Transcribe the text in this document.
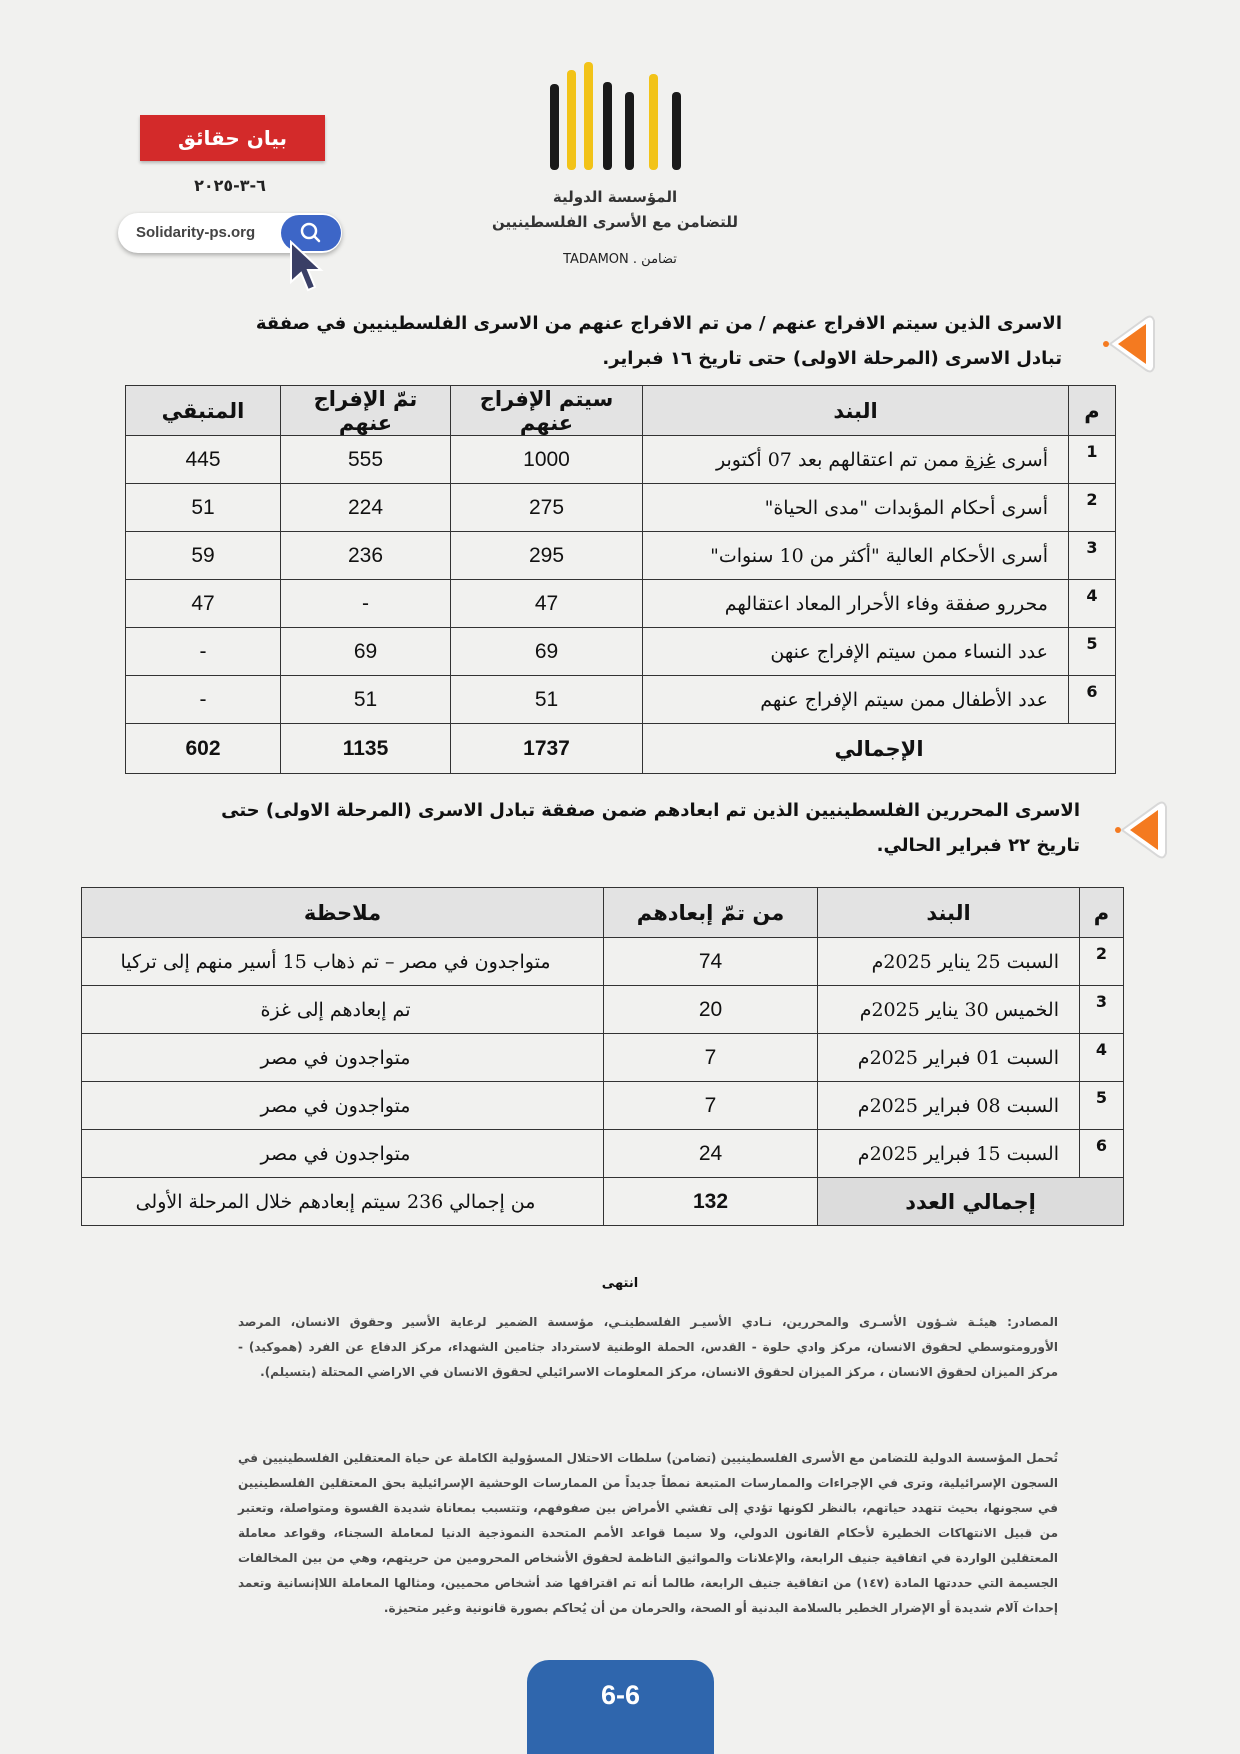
المؤسسة الدولية
للتضامن مع الأسرى الفلسطينيين
تضامن . TADAMON
بيان حقائق
٦-٣-٢٠٢٥
Solidarity-ps.org
الاسرى الذين سيتم الافراج عنهم / من تم الافراج عنهم من الاسرى الفلسطينيين في صفقة
تبادل الاسرى (المرحلة الاولى) حتى تاريخ ١٦ فبراير.
م	البند	سيتم الإفراج عنهم	تمّ الإفراج عنهم	المتبقي
1	أسرى غزة ممن تم اعتقالهم بعد 07 أكتوبر	1000	555	445
2	أسرى أحكام المؤبدات "مدى الحياة"	275	224	51
3	أسرى الأحكام العالية "أكثر من 10 سنوات"	295	236	59
4	محررو صفقة وفاء الأحرار المعاد اعتقالهم	47	-	47
5	عدد النساء ممن سيتم الإفراج عنهن	69	69	-
6	عدد الأطفال ممن سيتم الإفراج عنهم	51	51	-
الإجمالي		1737	1135	602
الاسرى المحررين الفلسطينيين الذين تم ابعادهم ضمن صفقة تبادل الاسرى (المرحلة الاولى) حتى
تاريخ ٢٢ فبراير الحالي.
م	البند	من تمّ إبعادهم	ملاحظة
2	السبت 25 يناير 2025م	74	متواجدون في مصر – تم ذهاب 15 أسير منهم إلى تركيا
3	الخميس 30 يناير 2025م	20	تم إبعادهم إلى غزة
4	السبت 01 فبراير 2025م	7	متواجدون في مصر
5	السبت 08 فبراير 2025م	7	متواجدون في مصر
6	السبت 15 فبراير 2025م	24	متواجدون في مصر
إجمالي العدد		132	من إجمالي 236 سيتم إبعادهم خلال المرحلة الأولى
انتهى
المصادر: هيئـة شـؤون الأسـرى والمحررين، نـادي الأسيـر الفلسطينـي، مؤسسة الضمير لرعاية الأسير وحقوق الانسان، المرصد الأورومتوسطي لحقوق الانسان، مركز وادي حلوة - القدس، الحملة الوطنية لاسترداد جثامين الشهداء، مركز الدفاع عن الفرد (هموكيد) - مركز الميزان لحقوق الانسان ، مركز الميزان لحقوق الانسان، مركز المعلومات الاسرائيلي لحقوق الانسان في الاراضي المحتلة (بتسيلم).
تُحمل المؤسسة الدولية للتضامن مع الأسرى الفلسطينيين (تضامن) سلطات الاحتلال المسؤولية الكاملة عن حياة المعتقلين الفلسطينيين في السجون الإسرائيلية، وترى في الإجراءات والممارسات المتبعة نمطاً جديداً من الممارسات الوحشية الإسرائيلية بحق المعتقلين الفلسطينيين في سجونها، بحيث تتهدد حياتهم، بالنظر لكونها تؤدي إلى تفشي الأمراض بين صفوفهم، وتتسبب بمعاناة شديدة القسوة ومتواصلة، وتعتبر من قبيل الانتهاكات الخطيرة لأحكام القانون الدولي، ولا سيما قواعد الأمم المتحدة النموذجية الدنيا لمعاملة السجناء، وقواعد معاملة المعتقلين الواردة في اتفاقية جنيف الرابعة، والإعلانات والمواثيق الناظمة لحقوق الأشخاص المحرومين من حريتهم، وهي من بين المخالفات الجسيمة التي حددتها المادة (١٤٧) من اتفاقية جنيف الرابعة، طالما أنه تم اقترافها ضد أشخاص محميين، ومثالها المعاملة اللاإنسانية وتعمد إحداث آلام شديدة أو الإضرار الخطير بالسلامة البدنية أو الصحة، والحرمان من أن يُحاكم بصورة قانونية وغير متحيزة.
6-6
